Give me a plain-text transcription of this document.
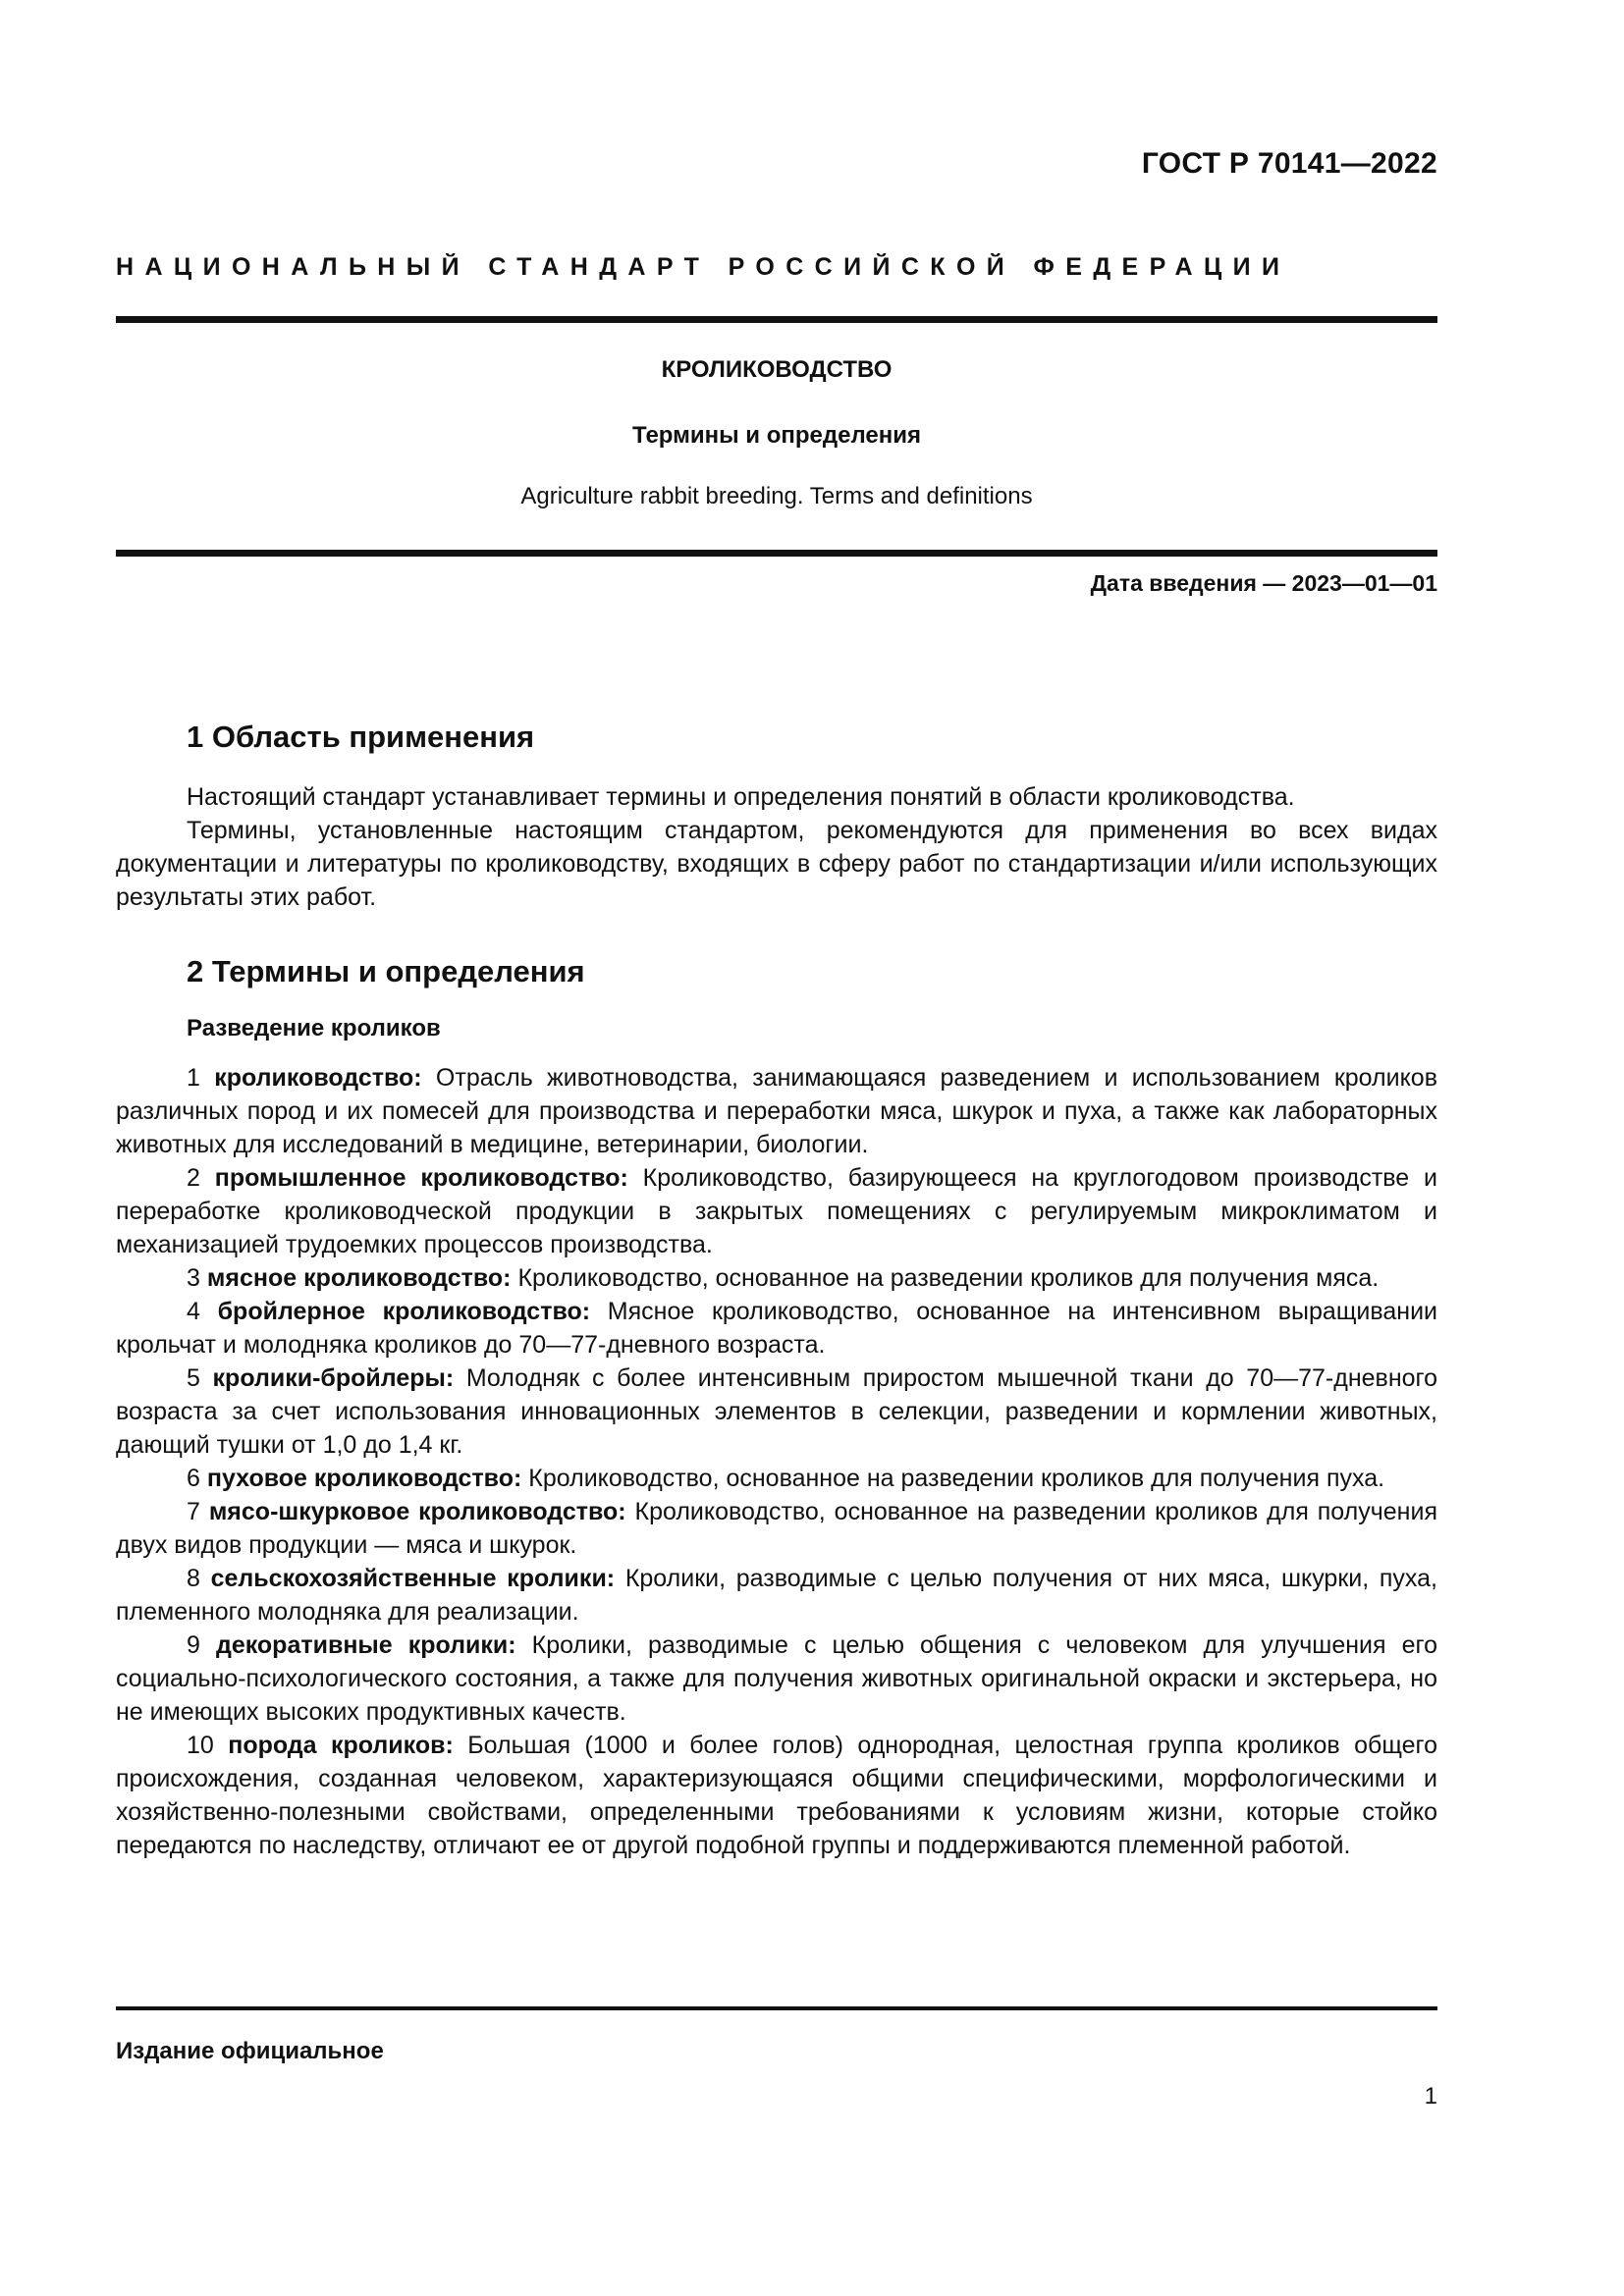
ГОСТ Р 70141—2022
НАЦИОНАЛЬНЫЙ СТАНДАРТ РОССИЙСКОЙ ФЕДЕРАЦИИ
КРОЛИКОВОДСТВО
Термины и определения
Agriculture rabbit breeding. Terms and definitions
Дата введения — 2023—01—01
1 Область применения

Настоящий стандарт устанавливает термины и определения понятий в области кролиководства.

Термины, установленные настоящим стандартом, рекомендуются для применения во всех видах документации и литературы по кролиководству, входящих в сферу работ по стандартизации и/или использующих результаты этих работ.

2 Термины и определения
Разведение кроликов

1 кролиководство: Отрасль животноводства, занимающаяся разведением и использованием кроликов различных пород и их помесей для производства и переработки мяса, шкурок и пуха, а также как лабораторных животных для исследований в медицине, ветеринарии, биологии.

2 промышленное кролиководство: Кролиководство, базирующееся на круглогодовом производстве и переработке кролиководческой продукции в закрытых помещениях с регулируемым микроклиматом и механизацией трудоемких процессов производства.

3 мясное кролиководство: Кролиководство, основанное на разведении кроликов для получения мяса.

4 бройлерное кролиководство: Мясное кролиководство, основанное на интенсивном выращивании крольчат и молодняка кроликов до 70—77-дневного возраста.

5 кролики-бройлеры: Молодняк с более интенсивным приростом мышечной ткани до 70—77-дневного возраста за счет использования инновационных элементов в селекции, разведении и кормлении животных, дающий тушки от 1,0 до 1,4 кг.

6 пуховое кролиководство: Кролиководство, основанное на разведении кроликов для получения пуха.

7 мясо-шкурковое кролиководство: Кролиководство, основанное на разведении кроликов для получения двух видов продукции — мяса и шкурок.

8 сельскохозяйственные кролики: Кролики, разводимые с целью получения от них мяса, шкурки, пуха, племенного молодняка для реализации.

9 декоративные кролики: Кролики, разводимые с целью общения с человеком для улучшения его социально-психологического состояния, а также для получения животных оригинальной окраски и экстерьера, но не имеющих высоких продуктивных качеств.

10 порода кроликов: Большая (1000 и более голов) однородная, целостная группа кроликов общего происхождения, созданная человеком, характеризующаяся общими специфическими, морфологическими и хозяйственно-полезными свойствами, определенными требованиями к условиям жизни, которые стойко передаются по наследству, отличают ее от другой подобной группы и поддерживаются племенной работой.

Издание официальное
1
